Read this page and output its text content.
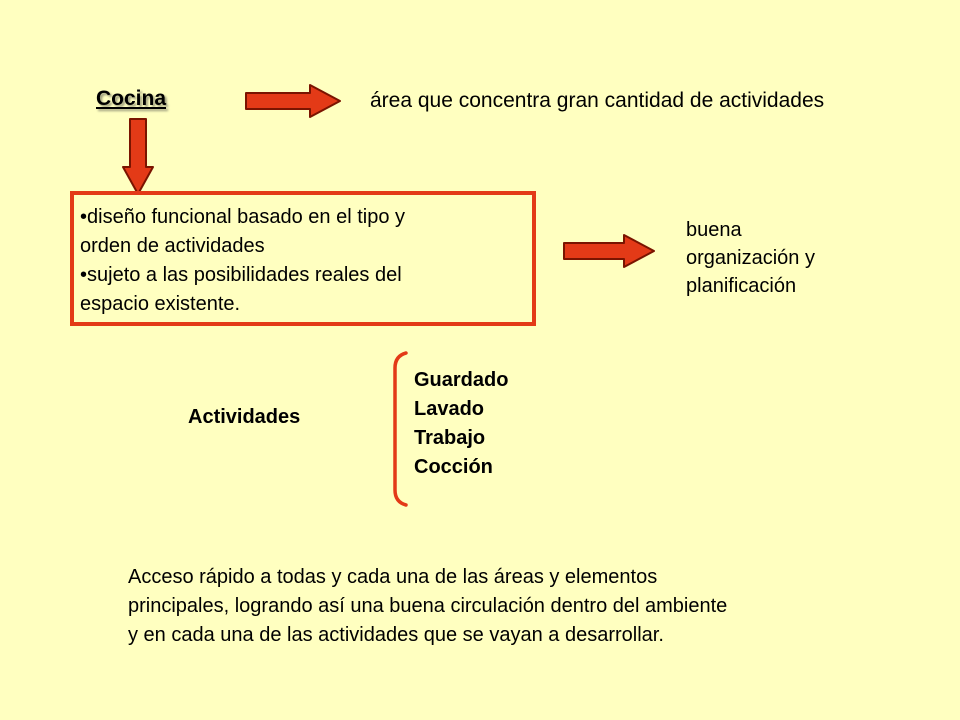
Cocina	área que concentra gran cantidad de actividades
•diseño funcional basado en el tipo y
orden de actividades
•sujeto a las posibilidades reales del
espacio existente.
buena
organización y
planificación
Actividades
Guardado
Lavado
Trabajo
Cocción
Acceso rápido a todas y cada una de las áreas y elementos
principales, logrando así una buena circulación dentro del ambiente
y en cada una de las actividades que se vayan a desarrollar.
